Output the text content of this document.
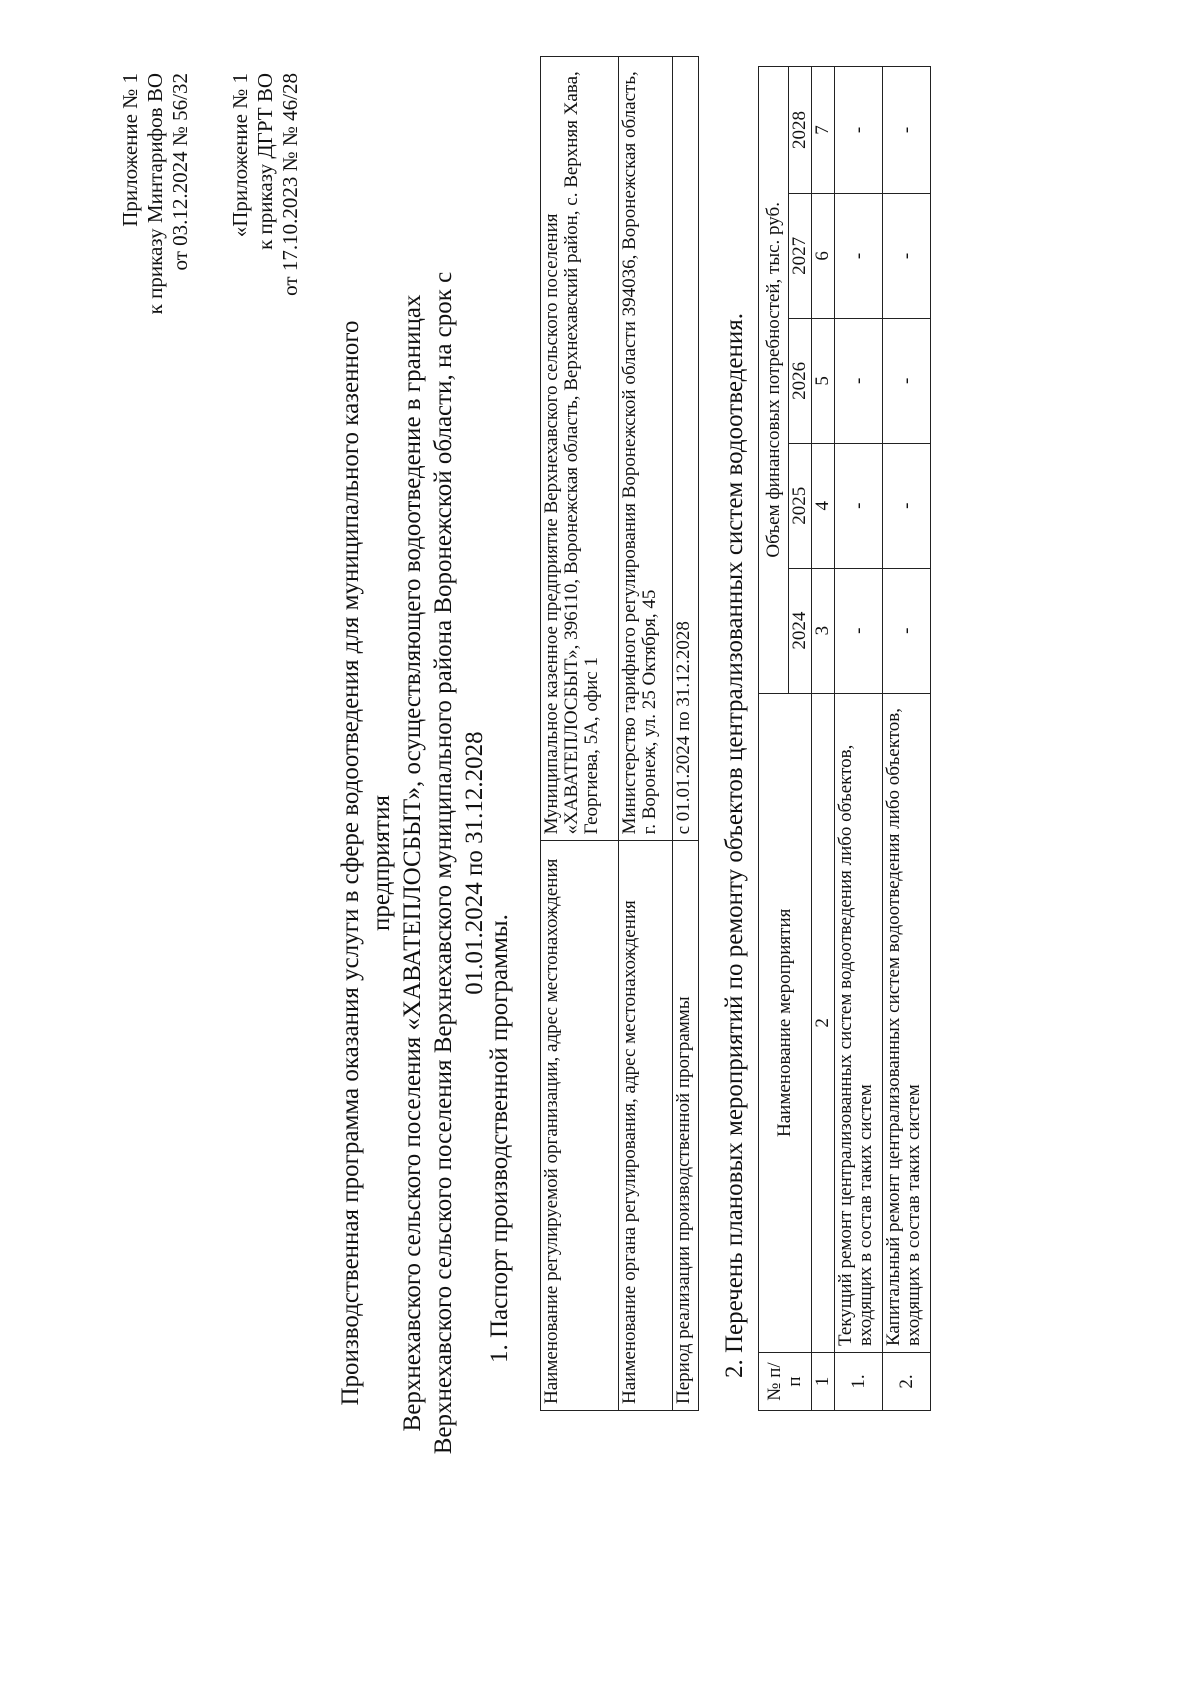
Приложение № 1 к приказу Минтарифов ВО от 03.12.2024 № 56/32 «Приложение № 1 к приказу ДГРТ ВО от 17.10.2023 № № 46/28
Производственная программа оказания услуги в сфере водоотведения для муниципального казенного предприятия Верхнехавского сельского поселения «ХАВАТЕПЛОСБЫТ», осуществляющего водоотведение в границах Верхнехавского сельского поселения Верхнехавского муниципального района Воронежской области, на срок с 01.01.2024 по 31.12.2028
1. Паспорт производственной программы. Наименование регулируемой организации, адрес местонахождения	Муниципальное казенное предприятие Верхнехавского сельского поселения «ХАВАТЕПЛОСБЫТ», 396110, Воронежская область, Верхнехавский район, с. Верхняя Хава, Георгиева, 5А, офис 1
Наименование органа регулирования, адрес местонахождения	Министерство тарифного регулирования Воронежской области 394036, Воронежская область, г. Воронеж, ул. 25 Октября, 45
Период реализации производственной программы	с 01.01.2024 по 31.12.2028 2. Перечень плановых мероприятий по ремонту объектов централизованных систем водоотведения.
№ п/п	Наименование мероприятия	Объем финансовых потребностей, тыс. руб.				
		2024	2025	2026	2027	2028
1	2	3	4	5	6	7
1.	Текущий ремонт централизованных систем водоотведения либо объектов, входящих в состав таких систем	-	-	-	-	-
2.	Капитальный ремонт централизованных систем водоотведения либо объектов, входящих в состав таких систем	-	-	-	-	-
